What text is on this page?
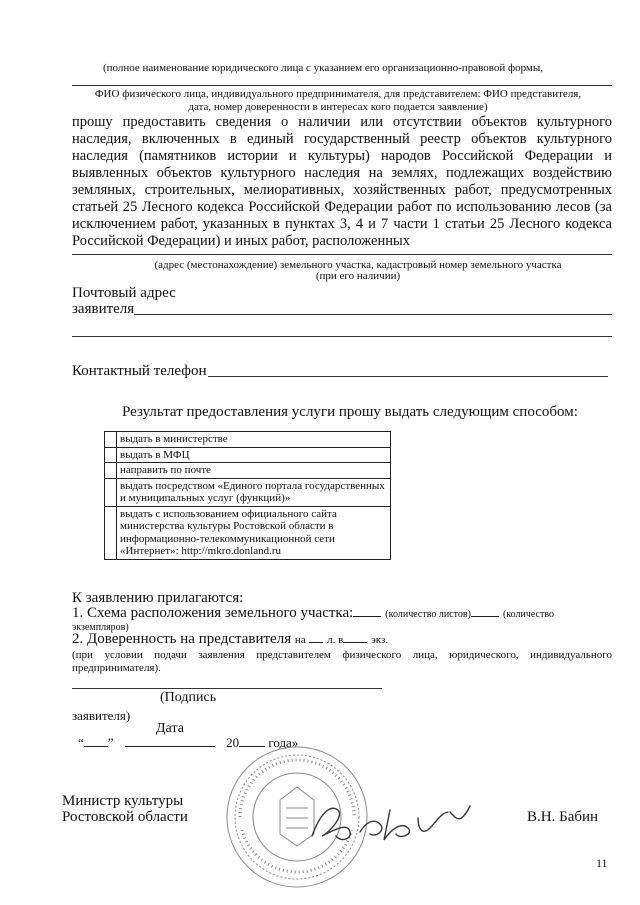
(полное наименование юридического лица с указанием его организационно-правовой формы,
ФИО физического лица, индивидуального предпринимателя, для представителем: ФИО представителя, дата, номер доверенности в интересах кого подается заявление)
прошу предоставить сведения о наличии или отсутствии объектов культурного наследия, включенных в единый государственный реестр объектов культурного наследия (памятников истории и культуры) народов Российской Федерации и выявленных объектов культурного наследия на землях, подлежащих воздействию земляных, строительных, мелиоративных, хозяйственных работ, предусмотренных статьей 25 Лесного кодекса Российской Федерации работ по использованию лесов (за исключением работ, указанных в пунктах 3, 4 и 7 части 1 статьи 25 Лесного кодекса Российской Федерации) и иных работ, расположенных
(адрес (местонахождение) земельного участка, кадастровый номер земельного участка
(при его наличии)
Почтовый адрес
заявителя
Контактный телефон
Результат предоставления услуги прошу выдать следующим способом:
	выдать в министерстве
	выдать в МФЦ
	направить по почте
	выдать посредством «Единого портала государственных и муниципальных услуг (функций)»
	выдать с использованием официального сайта министерства культуры Ростовской области в информационно-телекоммуникационной сети «Интернет»: http://mkro.donland.ru
К заявлению прилагаются:
1. Схема расположения земельного участка:	(количество листов)	(количество
экземпляров)
2. Доверенность на представителя на л. в	экз.
(при условии подачи заявления представителем физического лица, юридического, индивидуального предпринимателя).
(Подпись
заявителя)
Дата
“ ”	20 года»
Министр культуры
Ростовской области	В.Н. Бабин
11
